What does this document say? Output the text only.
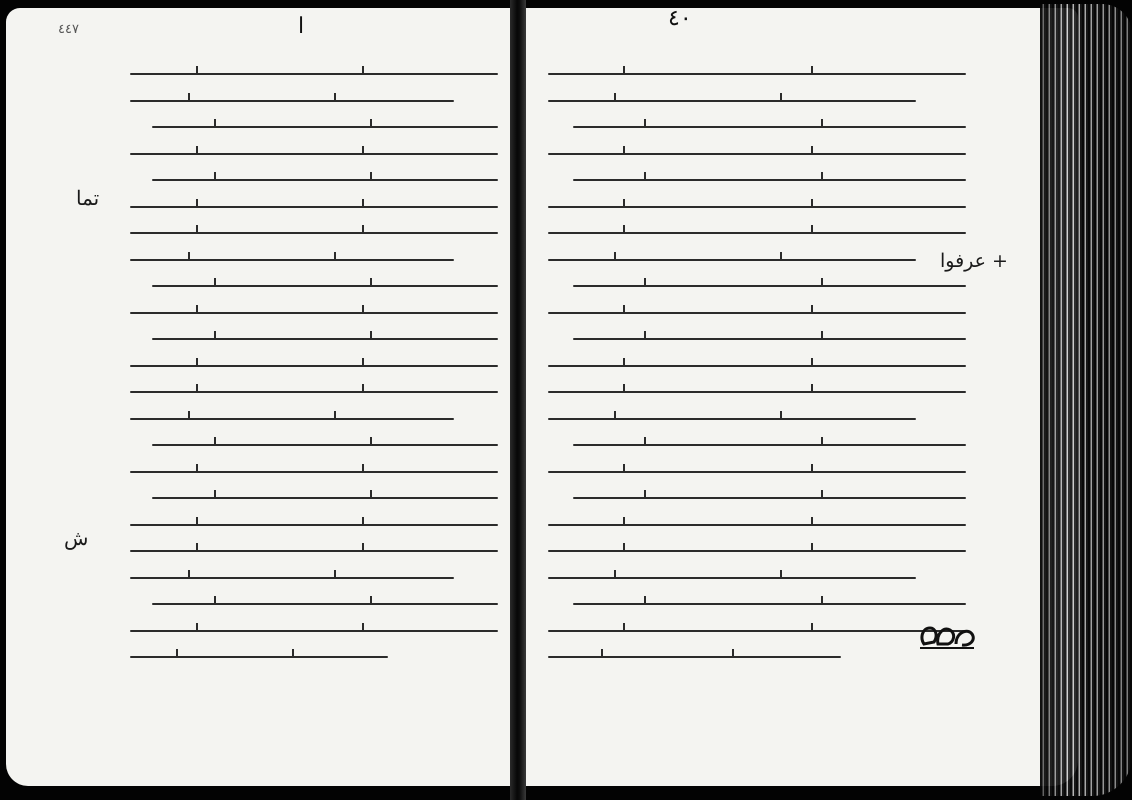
٤٤٧	ا	٤٠
تما
ش
+ عرفوا
